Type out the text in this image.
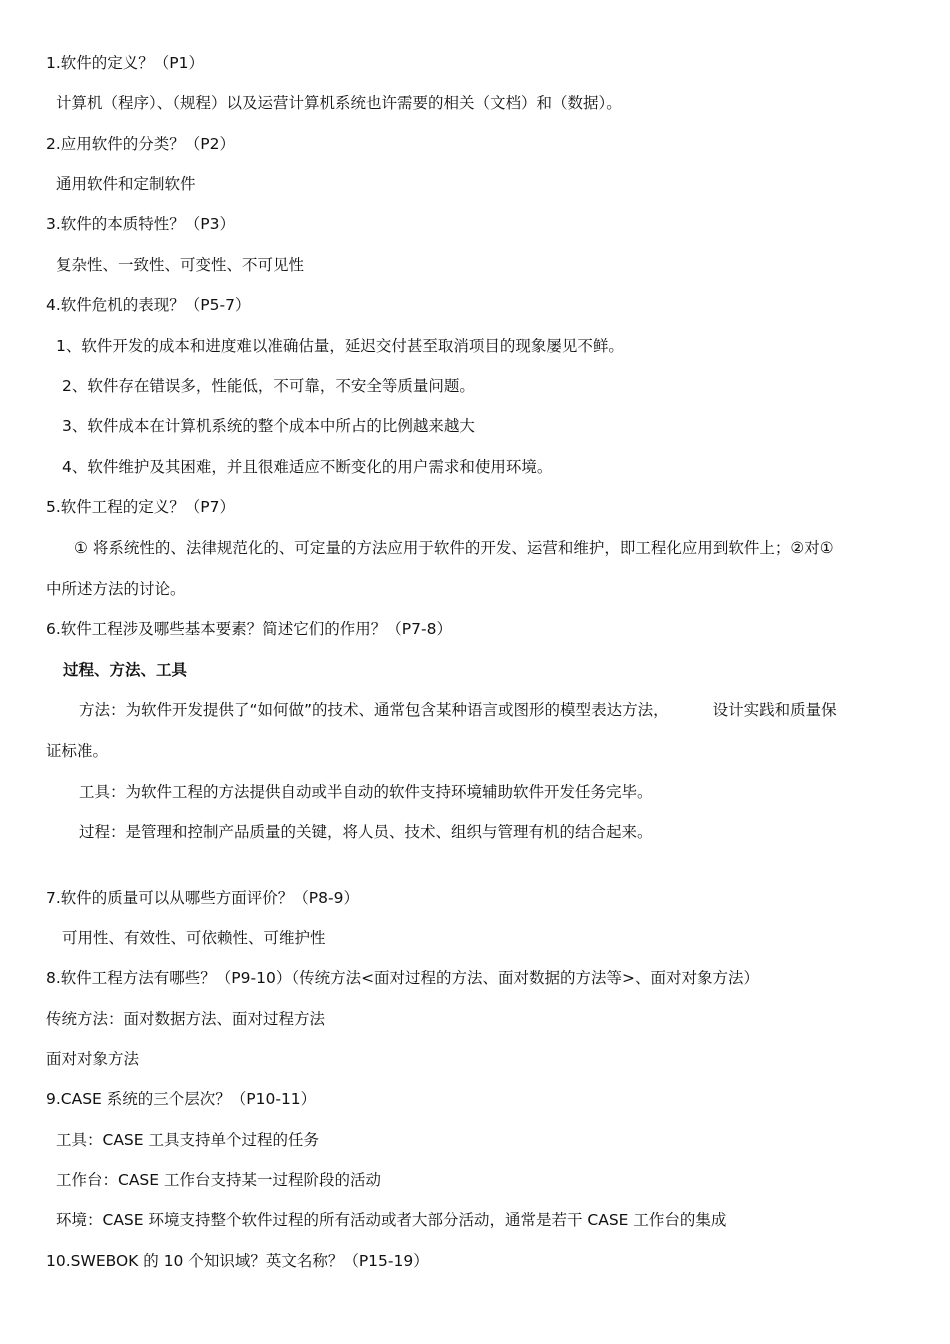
1.软件的定义？（P1）
计算机（程序）、（规程）以及运营计算机系统也许需要的相关（文档）和（数据）。
2.应用软件的分类？（P2）
通用软件和定制软件
3.软件的本质特性？（P3）
复杂性、一致性、可变性、不可见性
4.软件危机的表现？（P5-7）
1、软件开发的成本和进度难以准确估量，延迟交付甚至取消项目的现象屡见不鲜。
2、软件存在错误多，性能低，不可靠，不安全等质量问题。
3、软件成本在计算机系统的整个成本中所占的比例越来越大
4、软件维护及其困难，并且很难适应不断变化的用户需求和使用环境。
5.软件工程的定义？（P7）
① 将系统性的、法律规范化的、可定量的方法应用于软件的开发、运营和维护，即工程化应用到软件上；②对①
中所述方法的讨论。
6.软件工程涉及哪些基本要素？简述它们的作用？（P7-8）
过程、方法、工具
方法：为软件开发提供了“如何做”的技术、通常包含某种语言或图形的模型表达方法，	设计实践和质量保
证标准。
工具：为软件工程的方法提供自动或半自动的软件支持环境辅助软件开发任务完毕。
过程：是管理和控制产品质量的关键，将人员、技术、组织与管理有机的结合起来。
7.软件的质量可以从哪些方面评价？（P8-9）
可用性、有效性、可依赖性、可维护性
8.软件工程方法有哪些？（P9-10）（传统方法<面对过程的方法、面对数据的方法等>、面对对象方法）
传统方法：面对数据方法、面对过程方法
面对对象方法
9.CASE 系统的三个层次？（P10-11）
工具：CASE 工具支持单个过程的任务
工作台：CASE 工作台支持某一过程阶段的活动
环境：CASE 环境支持整个软件过程的所有活动或者大部分活动，通常是若干 CASE 工作台的集成
10.SWEBOK 的 10 个知识域？英文名称？（P15-19）
